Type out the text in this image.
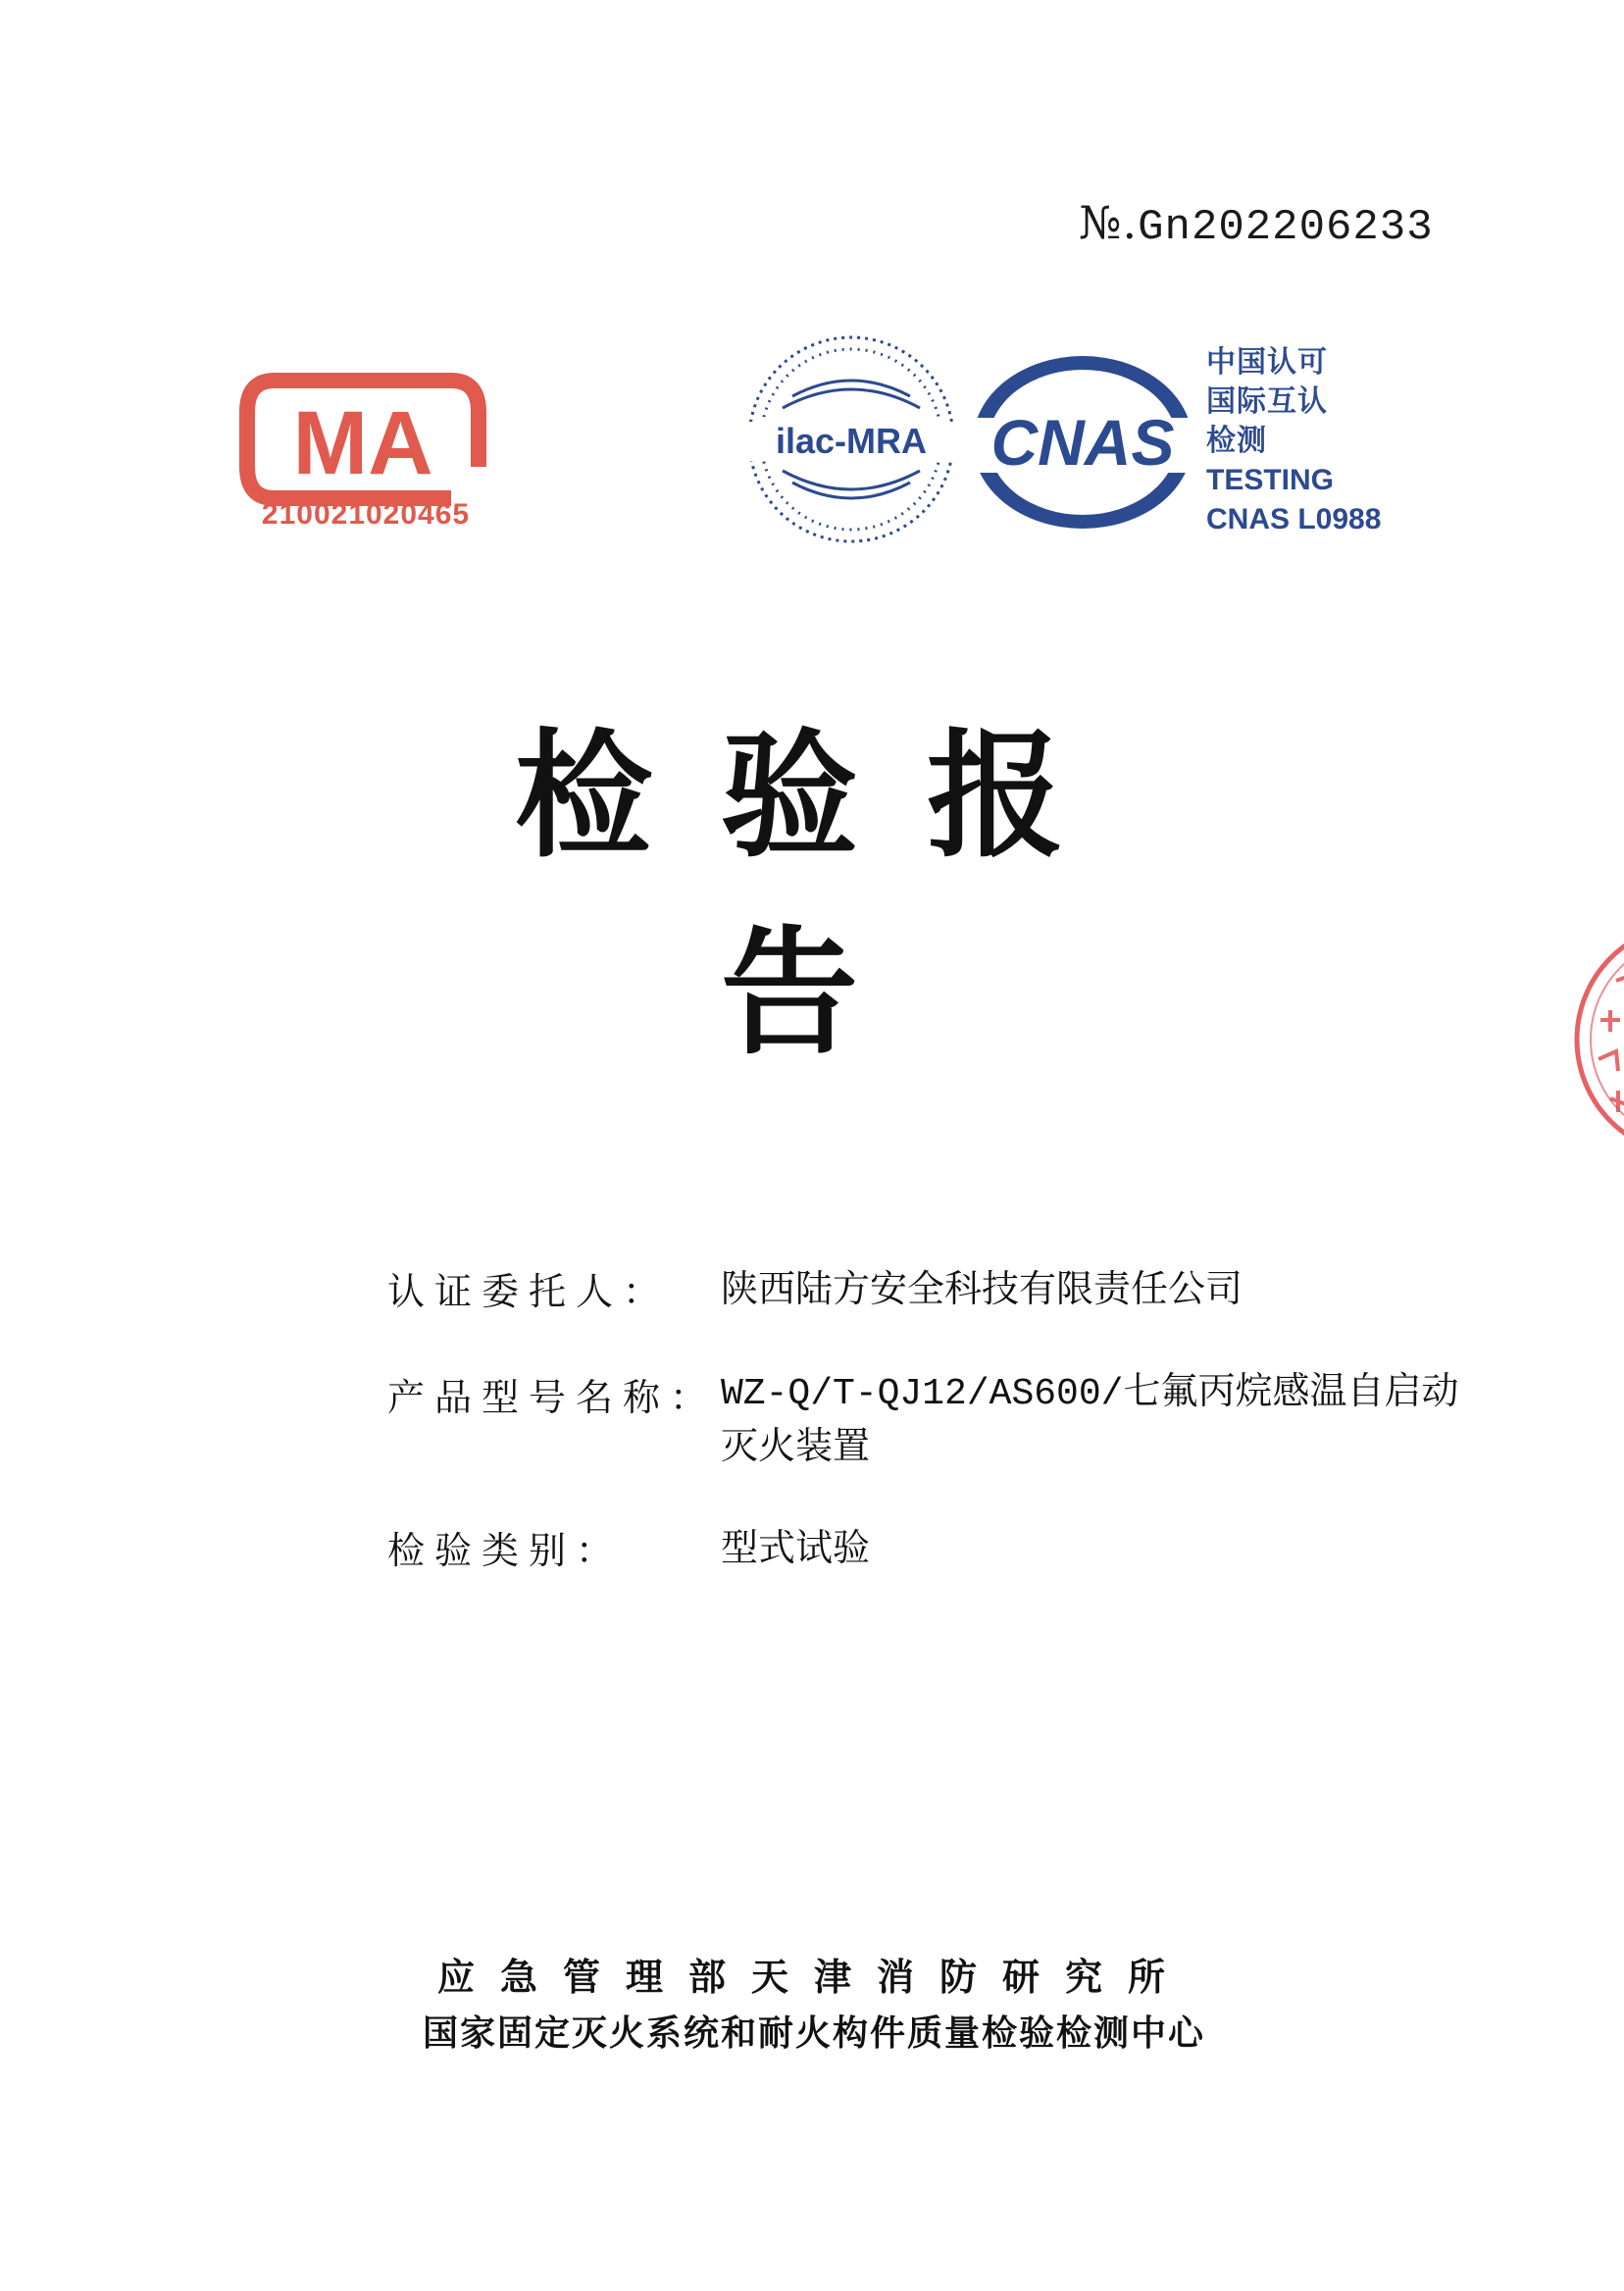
№.Gn202206233
MA
210021020465
ilac-MRA CNAS
中国认可
国际互认
检测
TESTING
CNAS L0988
检验报告
认证委托人：	陕西陆方安全科技有限责任公司
产品型号名称： WZ-Q/T-QJ12/AS600/七氟丙烷感温自启动灭火装置
检验类别：	型式试验
应急管理部天津消防研究所
国家固定灭火系统和耐火构件质量检验检测中心
